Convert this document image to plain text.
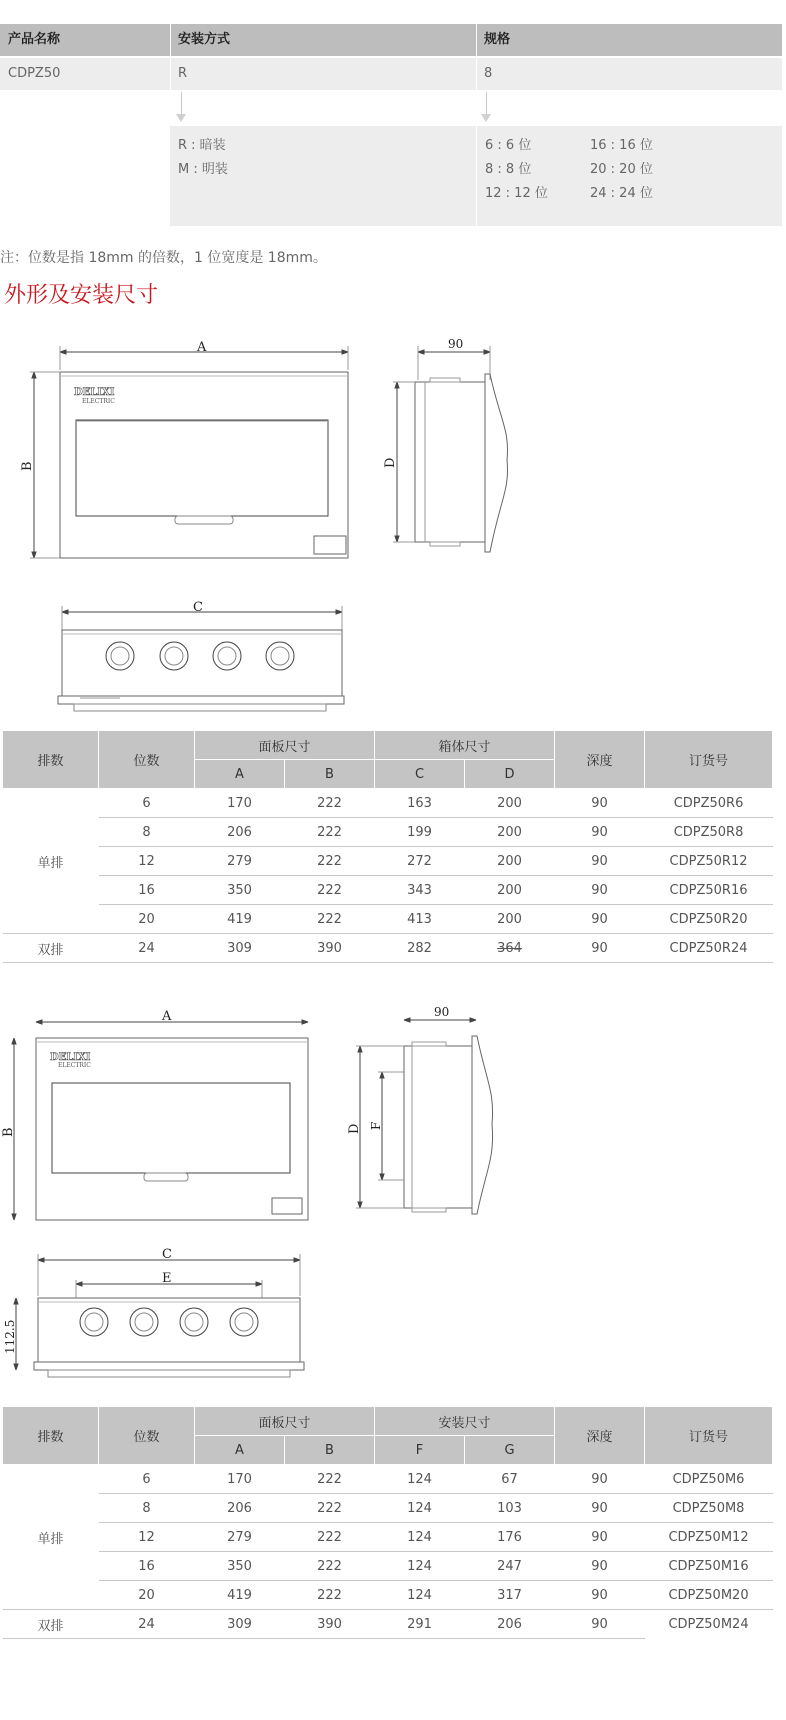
产品名称	安装方式	规格
CDPZ50	R	8
R : 暗装
M : 明装
6 : 6 位
8 : 8 位
12 : 12 位
16 : 16 位
20 : 20 位
24 : 24 位
注：位数是指 18mm 的倍数，1 位宽度是 18mm。
外形及安装尺寸
A
B
DELIXI
ELECTRIC
90
D
C
排数	位数	面板尺寸		箱体尺寸		深度	订货号
		A	B	C	D		
单排	6	170	222	163	200	90	CDPZ50R6
	8	206	222	199	200	90	CDPZ50R8
	12	279	222	272	200	90	CDPZ50R12
	16	350	222	343	200	90	CDPZ50R16
	20	419	222	413	200	90	CDPZ50R20
双排	24	309	390	282	364	90	CDPZ50R24
A
B
DELIXI
ELECTRIC
90
D F
C
E
112.5
排数	位数	面板尺寸		安装尺寸		深度	订货号
		A	B	F	G		
单排	6	170	222	124	67	90	CDPZ50M6
	8	206	222	124	103	90	CDPZ50M8
	12	279	222	124	176	90	CDPZ50M12
	16	350	222	124	247	90	CDPZ50M16
	20	419	222	124	317	90	CDPZ50M20
双排	24	309	390	291	206	90	CDPZ50M24
